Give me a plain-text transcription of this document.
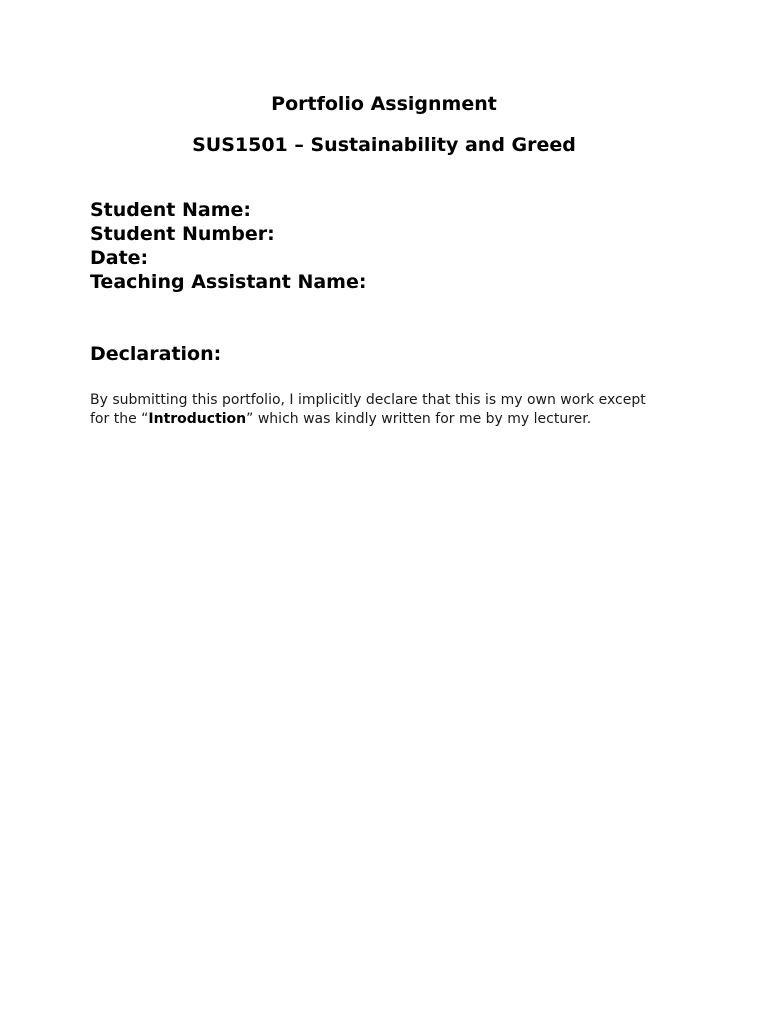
Portfolio Assignment
SUS1501 – Sustainability and Greed
Student Name:
Student Number:
Date:
Teaching Assistant Name:
Declaration:

By submitting this portfolio, I implicitly declare that this is my own work except for the “Introduction” which was kindly written for me by my lecturer.
